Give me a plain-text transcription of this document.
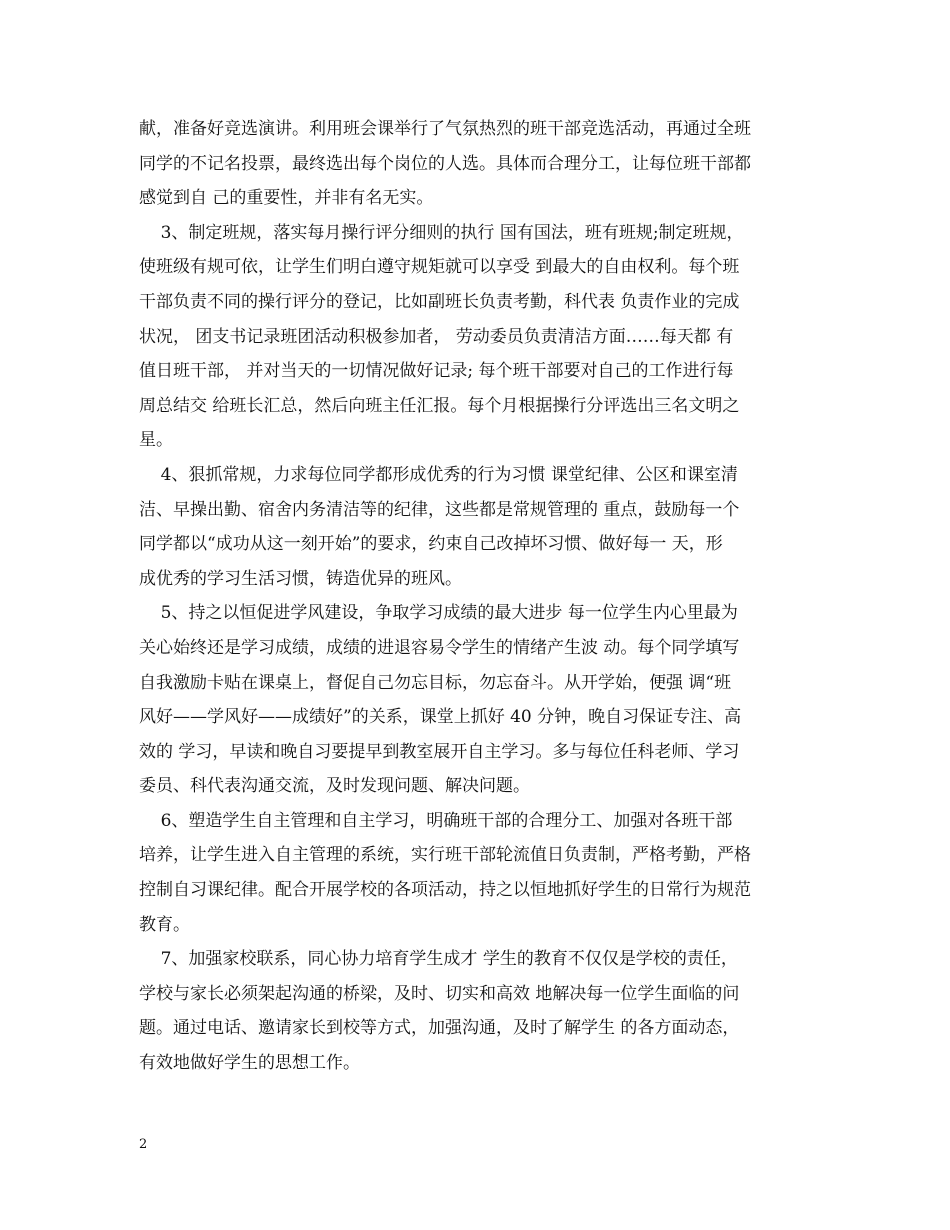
献，准备好竞选演讲。利用班会课举行了气氛热烈的班干部竞选活动，再通过全班
同学的不记名投票，最终选出每个岗位的人选。具体而合理分工，让每位班干部都
感觉到自 己的重要性，并非有名无实。
3、制定班规，落实每月操行评分细则的执行 国有国法，班有班规;制定班规，
使班级有规可依，让学生们明白遵守规矩就可以享受 到最大的自由权利。每个班
干部负责不同的操行评分的登记，比如副班长负责考勤，科代表 负责作业的完成
状况， 团支书记录班团活动积极参加者， 劳动委员负责清洁方面……每天都 有
值日班干部， 并对当天的一切情况做好记录; 每个班干部要对自己的工作进行每
周总结交 给班长汇总，然后向班主任汇报。每个月根据操行分评选出三名文明之
星。
4、狠抓常规，力求每位同学都形成优秀的行为习惯 课堂纪律、公区和课室清
洁、早操出勤、宿舍内务清洁等的纪律，这些都是常规管理的 重点，鼓励每一个
同学都以“成功从这一刻开始”的要求，约束自己改掉坏习惯、做好每一 天，形
成优秀的学习生活习惯，铸造优异的班风。
5、持之以恒促进学风建设，争取学习成绩的最大进步 每一位学生内心里最为
关心始终还是学习成绩，成绩的进退容易令学生的情绪产生波 动。每个同学填写
自我激励卡贴在课桌上，督促自己勿忘目标，勿忘奋斗。从开学始，便强 调“班
风好——学风好——成绩好”的关系，课堂上抓好 40 分钟，晚自习保证专注、高
效的 学习，早读和晚自习要提早到教室展开自主学习。多与每位任科老师、学习
委员、科代表沟通交流，及时发现问题、解决问题。
6、塑造学生自主管理和自主学习，明确班干部的合理分工、加强对各班干部
培养，让学生进入自主管理的系统，实行班干部轮流值日负责制，严格考勤，严格
控制自习课纪律。配合开展学校的各项活动，持之以恒地抓好学生的日常行为规范
教育。
7、加强家校联系，同心协力培育学生成才 学生的教育不仅仅是学校的责任，
学校与家长必须架起沟通的桥梁，及时、切实和高效 地解决每一位学生面临的问
题。通过电话、邀请家长到校等方式，加强沟通，及时了解学生 的各方面动态，
有效地做好学生的思想工作。
2
